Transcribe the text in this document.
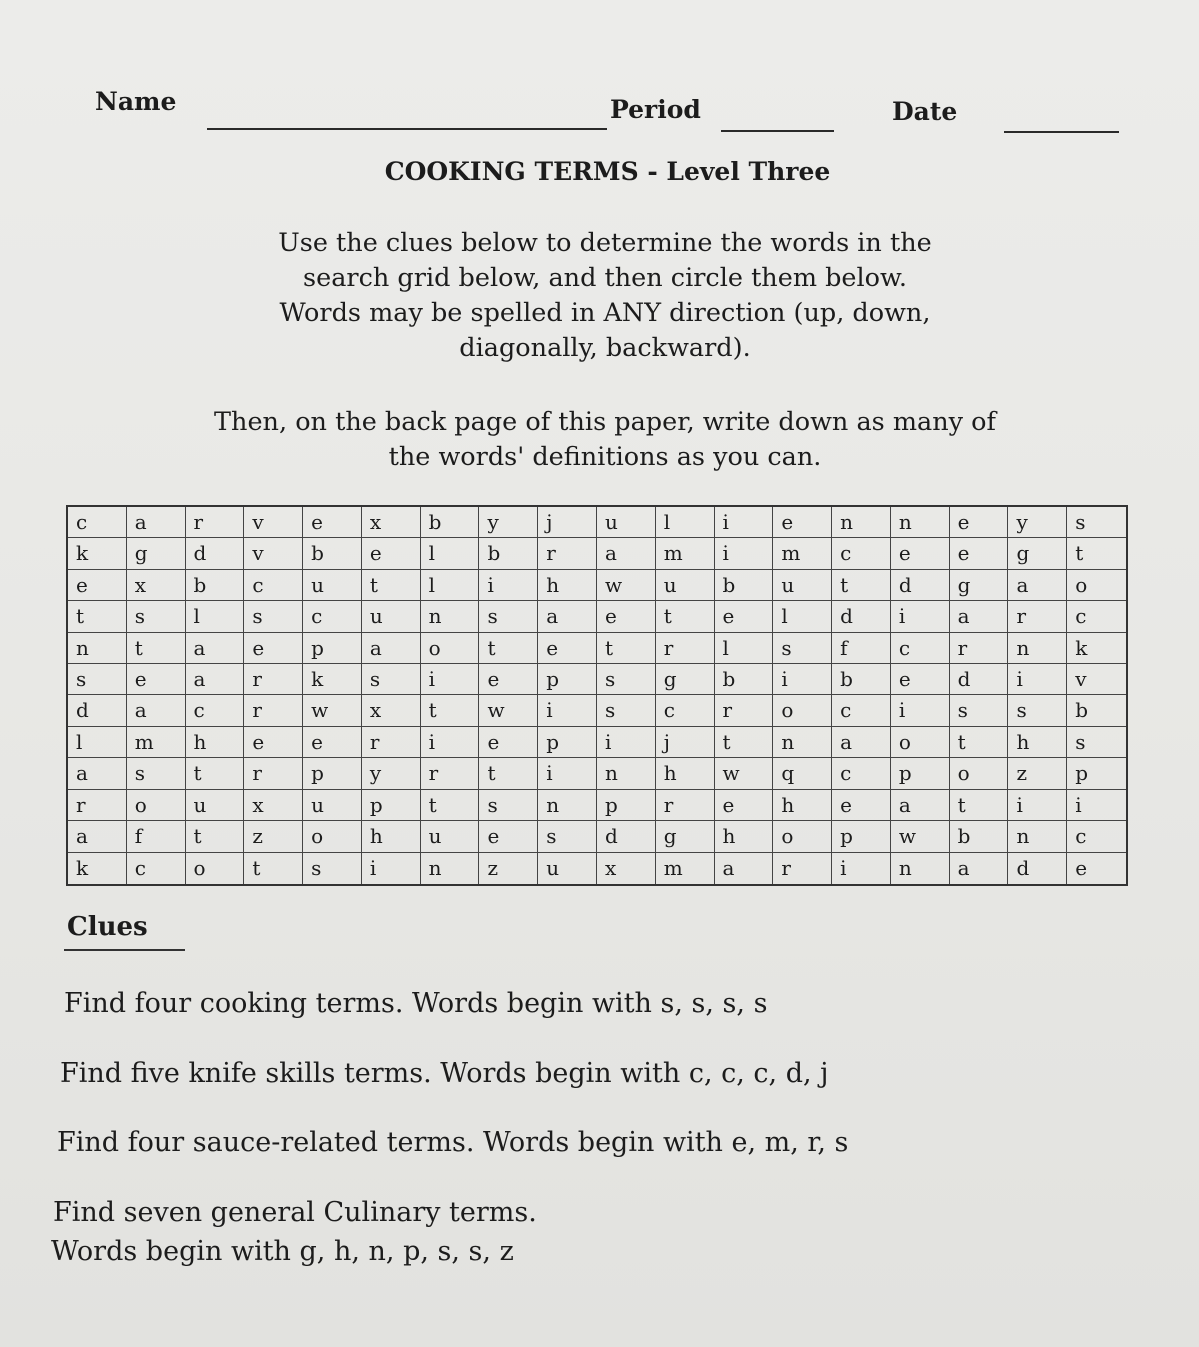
Name	Period	Date
COOKING TERMS - Level Three
Use the clues below to determine the words in the
search grid below, and then circle them below.
Words may be spelled in ANY direction (up, down,
diagonally, backward).
Then, on the back page of this paper, write down as many of
the words' definitions as you can.
c	a	r	v	e	x	b	y	j	u	l	i	e	n	n	e	y	s
k	g	d	v	b	e	l	b	r	a	m	i	m	c	e	e	g	t
e	x	b	c	u	t	l	i	h	w	u	b	u	t	d	g	a	o
t	s	l	s	c	u	n	s	a	e	t	e	l	d	i	a	r	c
n	t	a	e	p	a	o	t	e	t	r	l	s	f	c	r	n	k
s	e	a	r	k	s	i	e	p	s	g	b	i	b	e	d	i	v
d	a	c	r	w	x	t	w	i	s	c	r	o	c	i	s	s	b
l	m	h	e	e	r	i	e	p	i	j	t	n	a	o	t	h	s
a	s	t	r	p	y	r	t	i	n	h	w	q	c	p	o	z	p
r	o	u	x	u	p	t	s	n	p	r	e	h	e	a	t	i	i
a	f	t	z	o	h	u	e	s	d	g	h	o	p	w	b	n	c
k	c	o	t	s	i	n	z	u	x	m	a	r	i	n	a	d	e
Clues
Find four cooking terms. Words begin with s, s, s, s
Find five knife skills terms. Words begin with c, c, c, d, j
Find four sauce-related terms. Words begin with e, m, r, s
Find seven general Culinary terms.
Words begin with g, h, n, p, s, s, z
